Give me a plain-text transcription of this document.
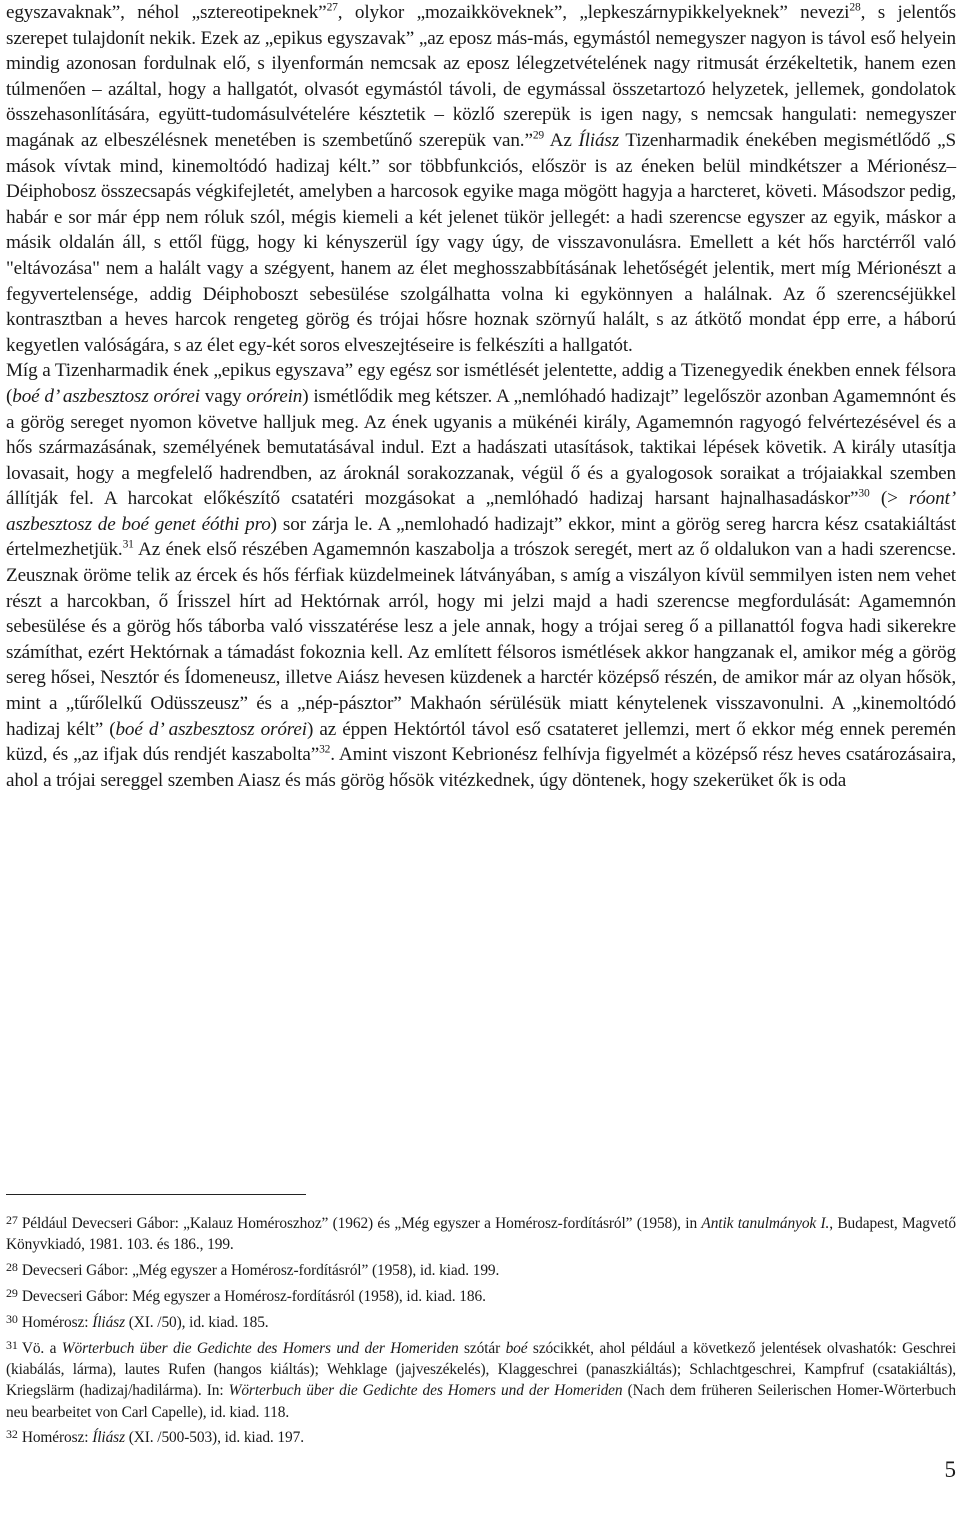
egyszavaknak”, néhol „sztereotipeknek”$^{27}$, olykor „mozaikköveknek”, „lepkeszárnypikkelyeknek” nevezi$^{28}$, s jelentős szerepet tulajdonít nekik. Ezek az „epikus egyszavak” „az eposz más-más, egymástól nemegyszer nagyon is távol eső helyein mindig azonosan fordulnak elő, s ilyenformán nemcsak az eposz lélegzetvételének nagy ritmusát érzékeltetik, hanem ezen túlmenően – azáltal, hogy a hallgatót, olvasót egymástól távoli, de egymással összetartozó helyzetek, jellemek, gondolatok összehasonlítására, együtt-tudomásulvételére késztetik – közlő szerepük is igen nagy, s nemcsak hangulati: nemegyszer magának az elbeszélésnek menetében is szembetűnő szerepük van.”$^{29}$ Az Íliász Tizenharmadik énekében megismétlődő „S mások vívtak mind, kinemoltódó hadizaj kélt.” sor többfunkciós, először is az éneken belül mindkétszer a Mérionész–Déiphobosz összecsapás végkifejletét, amelyben a harcosok egyike maga mögött hagyja a harcteret, követi. Másodszor pedig, habár e sor már épp nem róluk szól, mégis kiemeli a két jelenet tükör jellegét: a hadi szerencse egyszer az egyik, máskor a másik oldalán áll, s ettől függ, hogy ki kényszerül így vagy úgy, de visszavonulásra. Emellett a két hős harctérről való "eltávozása" nem a halált vagy a szégyent, hanem az élet meghosszabbításának lehetőségét jelentik, mert míg Mérionészt a fegyvertelensége, addig Déiphoboszt sebesülése szolgálhatta volna ki egykönnyen a halálnak. Az ő szerencséjükkel kontrasztban a heves harcok rengeteg görög és trójai hősre hoznak szörnyű halált, s az átkötő mondat épp erre, a háború kegyetlen valóságára, s az élet egy-két soros elveszejtéseire is felkészíti a hallgatót.

Míg a Tizenharmadik ének „epikus egyszava” egy egész sor ismétlését jelentette, addig a Tizenegyedik énekben ennek félsora (boé d’ aszbesztosz orórei vagy orórein) ismétlődik meg kétszer. A „nemlóhadó hadizajt” legelőször azonban Agamemnónt és a görög sereget nyomon követve halljuk meg. Az ének ugyanis a mükénéi király, Agamemnón ragyogó felvértezésével és a hős származásának, személyének bemutatásával indul. Ezt a hadászati utasítások, taktikai lépések követik. A király utasítja lovasait, hogy a megfelelő hadrendben, az ároknál sorakozzanak, végül ő és a gyalogosok soraikat a trójaiakkal szemben állítják fel. A harcokat előkészítő csatatéri mozgásokat a „nemlóhadó hadizaj harsant hajnalhasadáskor”$^{30}$ (> róont’ aszbesztosz de boé genet éóthi pro) sor zárja le. A „nemlohadó hadizajt” ekkor, mint a görög sereg harcra kész csatakiáltást értelmezhetjük.$^{31}$ Az ének első részében Agamemnón kaszabolja a trószok seregét, mert az ő oldalukon van a hadi szerencse. Zeusznak öröme telik az ércek és hős férfiak küzdelmeinek látványában, s amíg a viszályon kívül semmilyen isten nem vehet részt a harcokban, ő Írisszel hírt ad Hektórnak arról, hogy mi jelzi majd a hadi szerencse megfordulását: Agamemnón sebesülése és a görög hős táborba való visszatérése lesz a jele annak, hogy a trójai sereg ő a pillanattól fogva hadi sikerekre számíthat, ezért Hektórnak a támadást fokoznia kell. Az említett félsoros ismétlések akkor hangzanak el, amikor még a görög sereg hősei, Nesztór és Ídomeneusz, illetve Aiász hevesen küzdenek a harctér középső részén, de amikor már az olyan hősök, mint a „tűrőlelkű Odüsszeusz” és a „nép-pásztor” Makhaón sérülésük miatt kénytelenek visszavonulni. A „kinemoltódó hadizaj kélt” (boé d’ aszbesztosz orórei) az éppen Hektórtól távol eső csatateret jellemzi, mert ő ekkor még ennek peremén küzd, és „az ifjak dús rendjét kaszabolta”$^{32}$. Amint viszont Kebrionész felhívja figyelmét a középső rész heves csatározásaira, ahol a trójai sereggel szemben Aiasz és más görög hősök vitézkednek, úgy döntenek, hogy szekerüket ők is oda

$^{27}$ Például Devecseri Gábor: „Kalauz Homéroszhoz” (1962) és „Még egyszer a Homérosz-fordításról” (1958), in Antik tanulmányok I., Budapest, Magvető Könyvkiadó, 1981. 103. és 186., 199.

$^{28}$ Devecseri Gábor: „Még egyszer a Homérosz-fordításról” (1958), id. kiad. 199.

$^{29}$ Devecseri Gábor: Még egyszer a Homérosz-fordításról (1958), id. kiad. 186.

$^{30}$ Homérosz: Íliász (XI. /50), id. kiad. 185.

$^{31}$ Vö. a Wörterbuch über die Gedichte des Homers und der Homeriden szótár boé szócikkét, ahol például a következő jelentések olvashatók: Geschrei (kiabálás, lárma), lautes Rufen (hangos kiáltás); Wehklage (jajveszékelés), Klaggeschrei (panaszkiáltás); Schlachtgeschrei, Kampfruf (csatakiáltás), Kriegslärm (hadizaj/hadilárma). In: Wörterbuch über die Gedichte des Homers und der Homeriden (Nach dem früheren Seilerischen Homer-Wörterbuch neu bearbeitet von Carl Capelle), id. kiad. 118.

$^{32}$ Homérosz: Íliász (XI. /500-503), id. kiad. 197.

5
